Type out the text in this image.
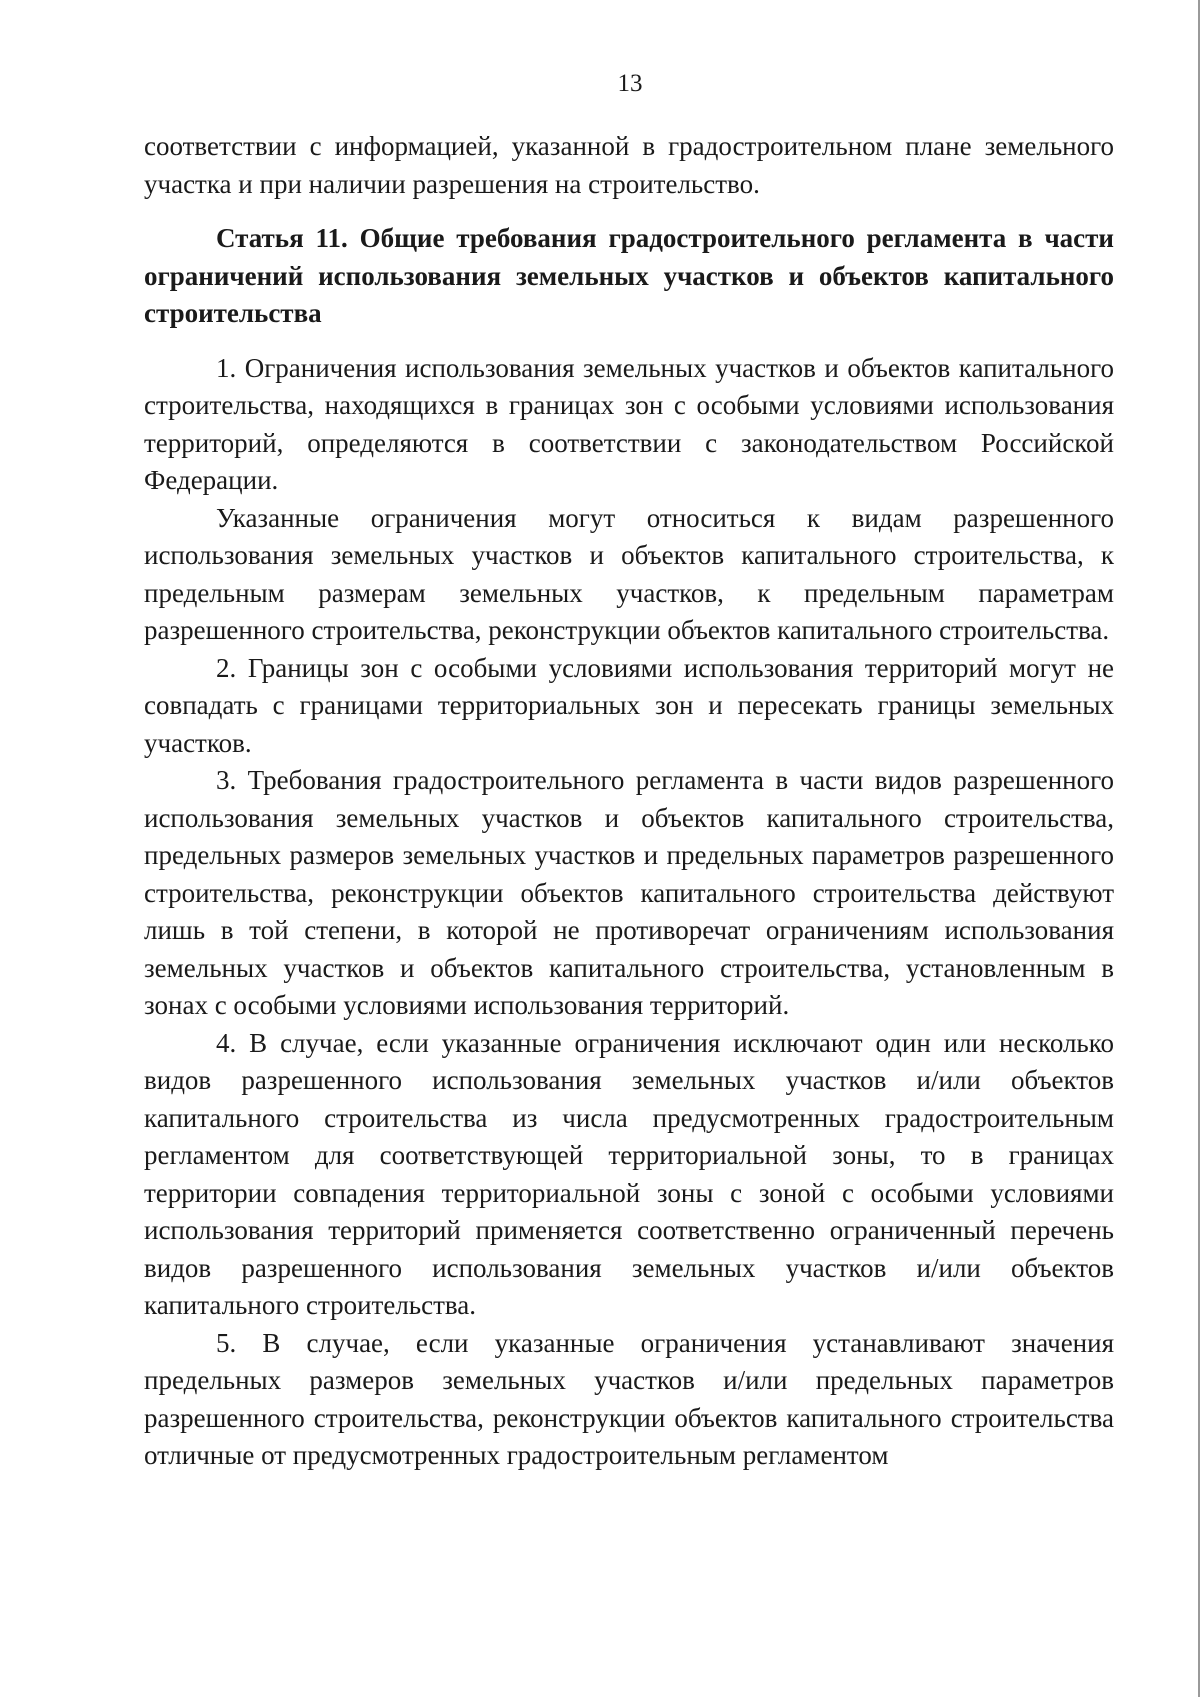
13

соответствии с информацией, указанной в градостроительном плане земельного участка и при наличии разрешения на строительство.

Статья 11. Общие требования градостроительного регламента в части ограничений использования земельных участков и объектов капитального строительства

1. Ограничения использования земельных участков и объектов капитального строительства, находящихся в границах зон с особыми условиями использования территорий, определяются в соответствии с законодательством Российской Федерации.

Указанные ограничения могут относиться к видам разрешенного использования земельных участков и объектов капитального строительства, к предельным размерам земельных участков, к предельным параметрам разрешенного строительства, реконструкции объектов капитального строительства.

2. Границы зон с особыми условиями использования территорий могут не совпадать с границами территориальных зон и пересекать границы земельных участков.

3. Требования градостроительного регламента в части видов разрешенного использования земельных участков и объектов капитального строительства, предельных размеров земельных участков и предельных параметров разрешенного строительства, реконструкции объектов капитального строительства действуют лишь в той степени, в которой не противоречат ограничениям использования земельных участков и объектов капитального строительства, установленным в зонах с особыми условиями использования территорий.

4. В случае, если указанные ограничения исключают один или несколько видов разрешенного использования земельных участков и/или объектов капитального строительства из числа предусмотренных градостроительным регламентом для соответствующей территориальной зоны, то в границах территории совпадения территориальной зоны с зоной с особыми условиями использования территорий применяется соответственно ограниченный перечень видов разрешенного использования земельных участков и/или объектов капитального строительства.

5. В случае, если указанные ограничения устанавливают значения предельных размеров земельных участков и/или предельных параметров разрешенного строительства, реконструкции объектов капитального строительства отличные от предусмотренных градостроительным регламентом
